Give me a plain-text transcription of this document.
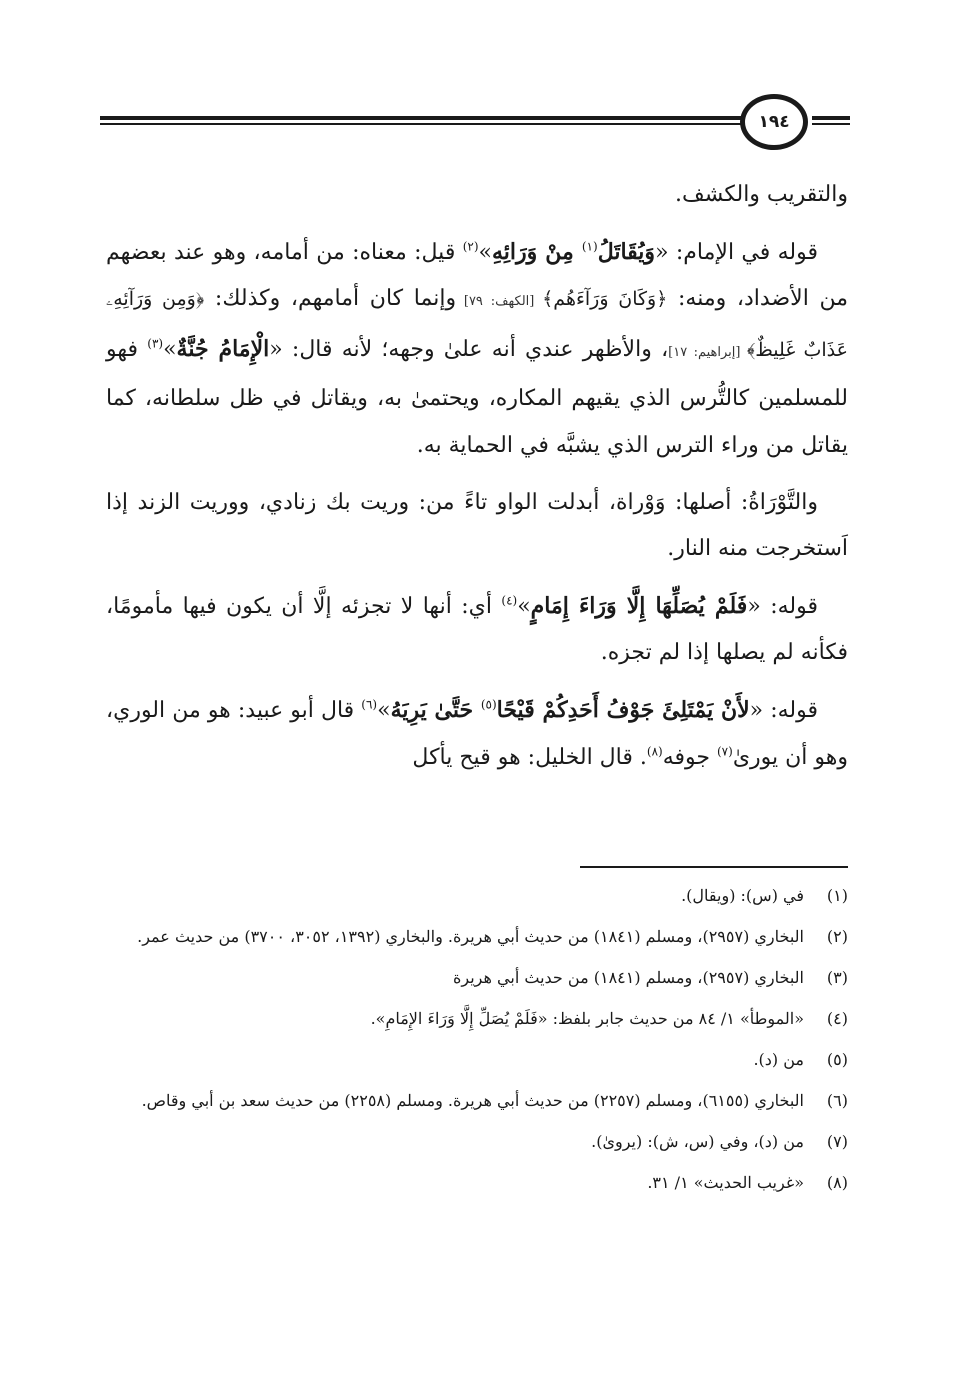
١٩٤

والتقريب والكشف.

قوله في الإمام: «وَيُقَاتَلُ$^{(١)}$ مِنْ وَرَائِهِ»$^{(٢)}$ قيل: معناه: من أمامه، وهو عند بعضهم من الأضداد، ومنه: ﴿وَكَانَ وَرَآءَهُم﴾ [الكهف: ٧٩] وإنما كان أمامهم، وكذلك: ﴿وَمِن وَرَآئِهِۦ عَذَابٌ غَلِيظٌ﴾ [إبراهيم: ١٧]، والأظهر عندي أنه علىٰ وجهه؛ لأنه قال: «الْإِمَامُ جُنَّةٌ»$^{(٣)}$ فهو للمسلمين كالتُّرس الذي يقيهم المكاره، ويحتمىٰ به، ويقاتل في ظل سلطانه، كما يقاتل من وراء الترس الذي يشبَّه في الحماية به.

والتَّوْرَاةُ: أصلها: وَوْراة، أبدلت الواو تاءً من: وريت بك زنادي، ووريت الزند إذا اَستخرجت منه النار.

قوله: «فَلَمْ يُصَلِّهَا إِلَّا وَرَاءَ إِمَامٍ»$^{(٤)}$ أي: أنها لا تجزئه إلَّا أن يكون فيها مأمومًا، فكأنه لم يصلها إذا لم تجزه.

قوله: «لأَنْ يَمْتَلِئَ جَوْفُ أَحَدِكُمْ قَيْحًا$^{(٥)}$ حَتَّىٰ يَرِيَهُ»$^{(٦)}$ قال أبو عبيد: هو من الوري، وهو أن يورىٰ$^{(٧)}$ جوفه$^{(٨)}$. قال الخليل: هو قيح يأكل

(١)
في (س): (ويقال).
(٢)
البخاري (٢٩٥٧)، ومسلم (١٨٤١) من حديث أبي هريرة. والبخاري (١٣٩٢، ٣٠٥٢، ٣٧٠٠) من حديث عمر.
(٣)
البخاري (٢٩٥٧)، ومسلم (١٨٤١) من حديث أبي هريرة
(٤)
«الموطأ» ١/ ٨٤ من حديث جابر بلفظ: «فَلَمْ يُصَلِّ إِلَّا وَرَاءَ الإِمَامِ».
(٥)
من (د).
(٦)
البخاري (٦١٥٥)، ومسلم (٢٢٥٧) من حديث أبي هريرة. ومسلم (٢٢٥٨) من حديث سعد بن أبي وقاص.
(٧)
من (د)، وفي (س، ش): (يروىٰ).
(٨)
«غريب الحديث» ١/ ٣١.
